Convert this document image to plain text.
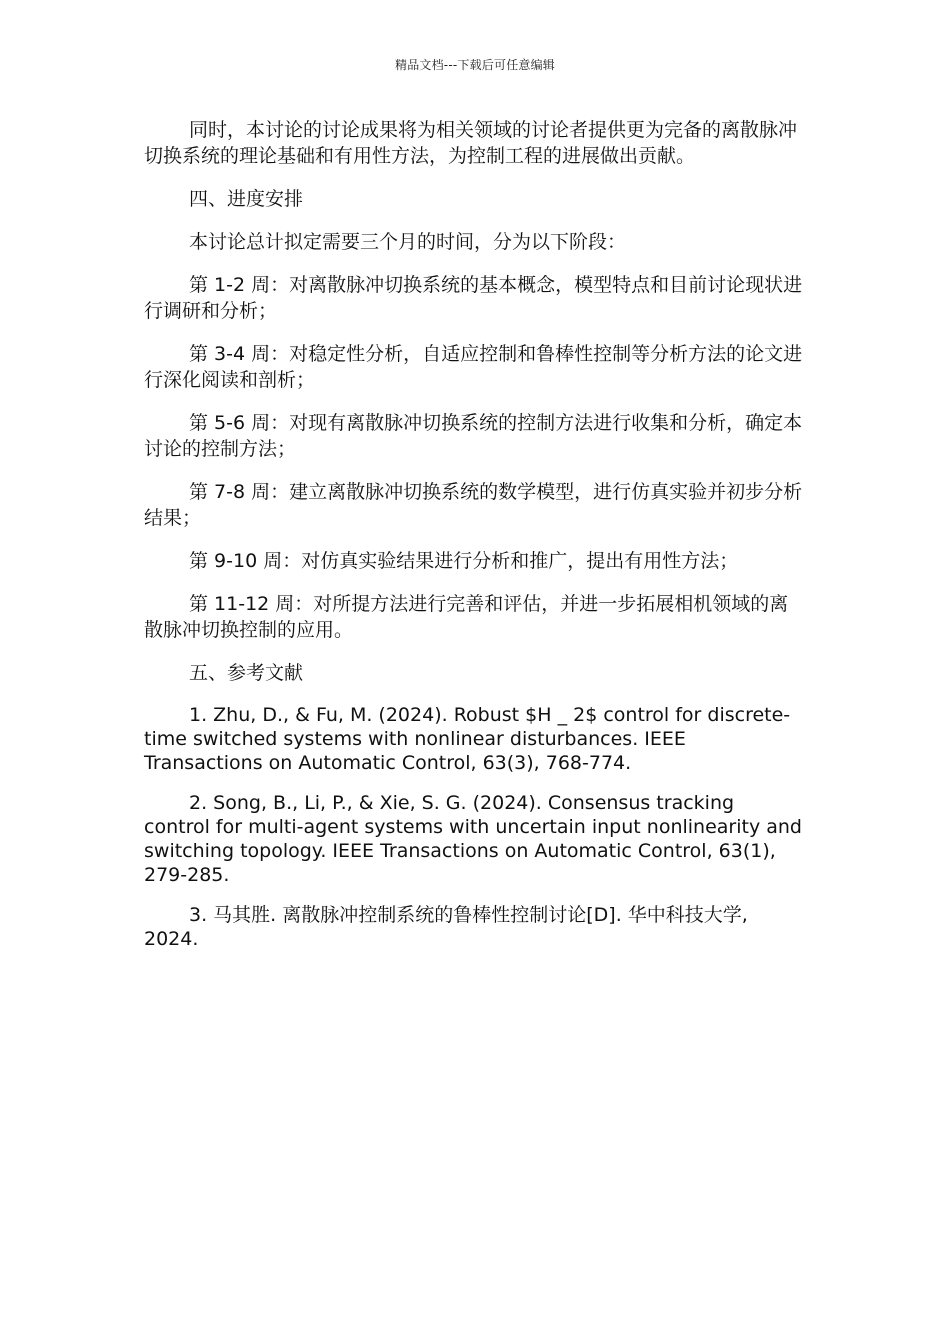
精品文档---下载后可任意编辑

同时，本讨论的讨论成果将为相关领域的讨论者提供更为完备的离散脉冲切换系统的理论基础和有用性方法，为控制工程的进展做出贡献。

四、进度安排

本讨论总计拟定需要三个月的时间，分为以下阶段：

第 1-2 周：对离散脉冲切换系统的基本概念，模型特点和目前讨论现状进行调研和分析；

第 3-4 周：对稳定性分析，自适应控制和鲁棒性控制等分析方法的论文进行深化阅读和剖析；

第 5-6 周：对现有离散脉冲切换系统的控制方法进行收集和分析，确定本讨论的控制方法；

第 7-8 周：建立离散脉冲切换系统的数学模型，进行仿真实验并初步分析结果；

第 9-10 周：对仿真实验结果进行分析和推广，提出有用性方法；

第 11-12 周：对所提方法进行完善和评估，并进一步拓展相机领域的离散脉冲切换控制的应用。

五、参考文献

1. Zhu, D., & Fu, M. (2024). Robust $H _ 2$ control for discrete-time switched systems with nonlinear disturbances. IEEE Transactions on Automatic Control, 63(3), 768-774.

2. Song, B., Li, P., & Xie, S. G. (2024). Consensus tracking control for multi-agent systems with uncertain input nonlinearity and switching topology. IEEE Transactions on Automatic Control, 63(1), 279-285.

3. 马其胜. 离散脉冲控制系统的鲁棒性控制讨论[D]. 华中科技大学, 2024.
